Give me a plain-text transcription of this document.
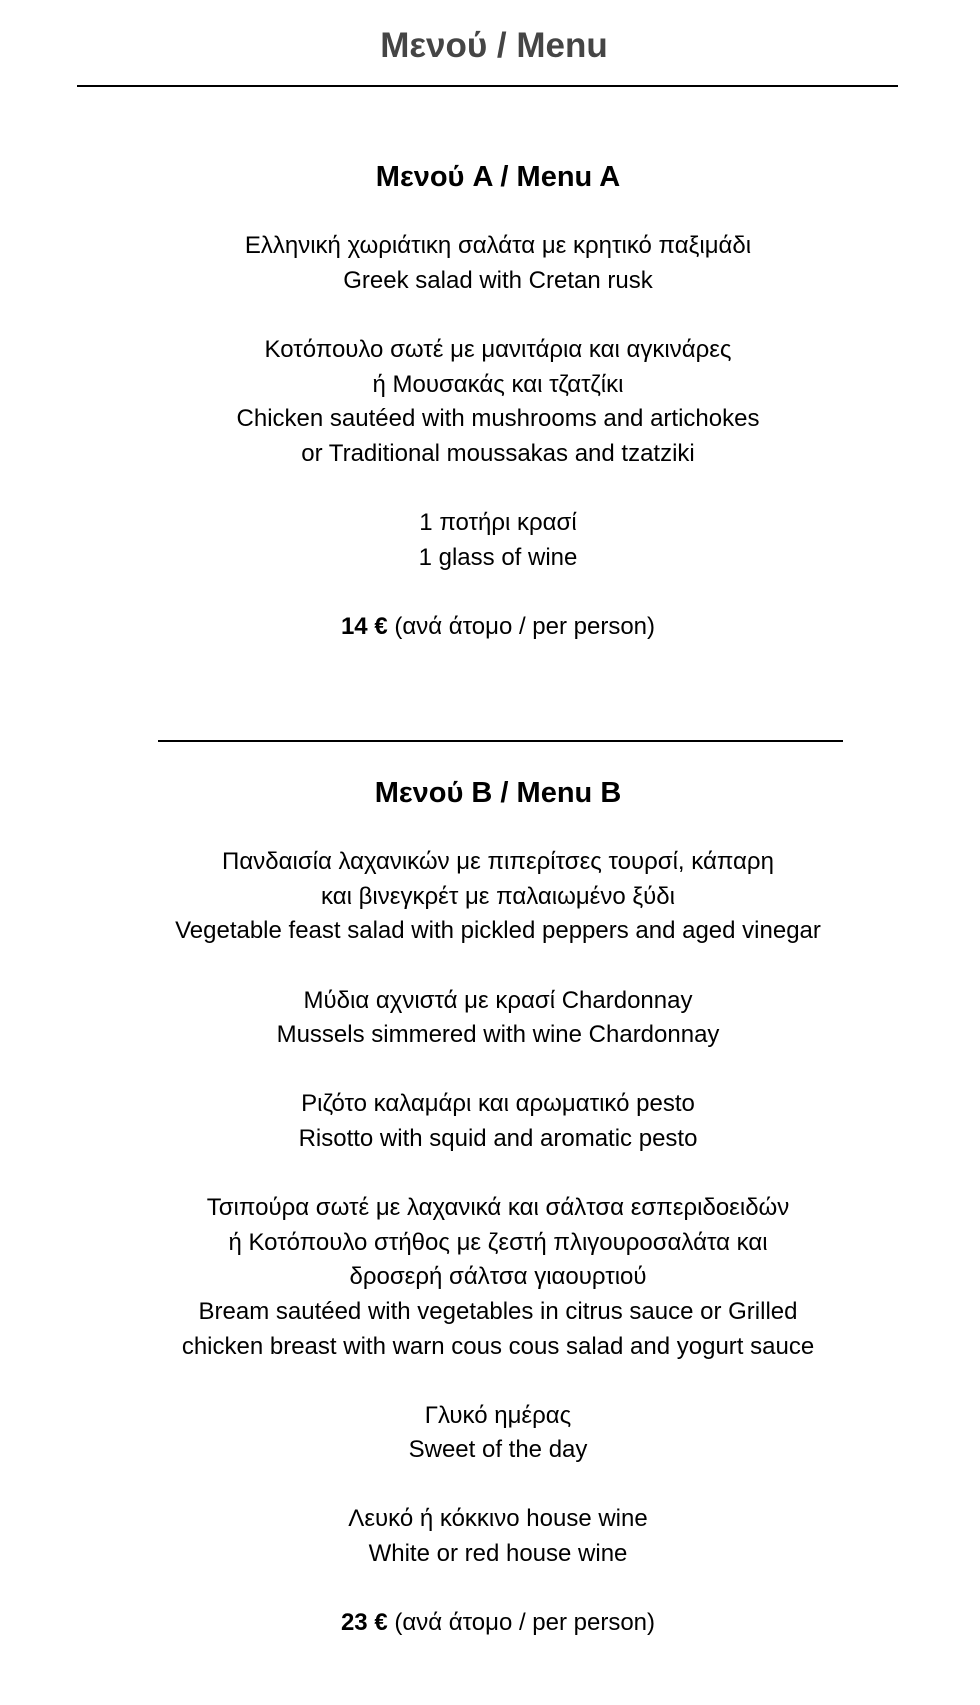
Μενού / Menu
Μενού A / Menu A
Ελληνική χωριάτικη σαλάτα με κρητικό παξιμάδι
Greek salad with Cretan rusk
Κοτόπουλο σωτέ με μανιτάρια και αγκινάρες
ή Μουσακάς και τζατζίκι
Chicken sautéed with mushrooms and artichokes
or Traditional moussakas and tzatziki
1 ποτήρι κρασί
1 glass of wine
14 € (ανά άτομο / per person)
Μενού B / Menu B
Πανδαισία λαχανικών με πιπερίτσες τουρσί, κάπαρη
και βινεγκρέτ με παλαιωμένο ξύδι
Vegetable feast salad with pickled peppers and aged vinegar
Μύδια αχνιστά με κρασί Chardonnay
Mussels simmered with wine Chardonnay
Ριζότο καλαμάρι και αρωματικό pesto
Risotto with squid and aromatic pesto
Τσιπούρα σωτέ με λαχανικά και σάλτσα εσπεριδοειδών
ή Κοτόπουλο στήθος με ζεστή πλιγουροσαλάτα και
δροσερή σάλτσα γιαουρτιού
Bream sautéed with vegetables in citrus sauce or Grilled
chicken breast with warn cous cous salad and yogurt sauce
Γλυκό ημέρας
Sweet of the day
Λευκό ή κόκκινο house wine
White or red house wine
23 € (ανά άτομο / per person)
